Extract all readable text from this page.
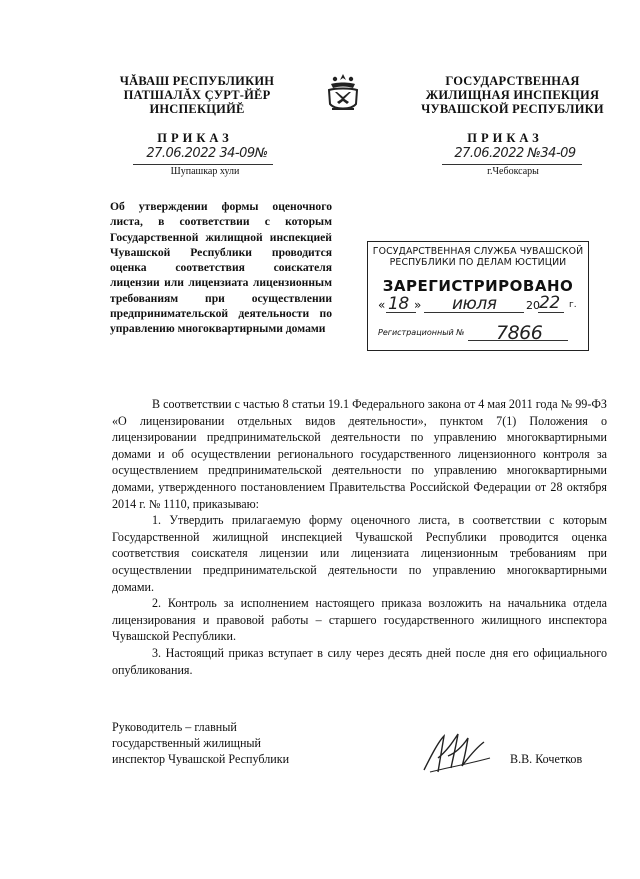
ЧĂВАШ РЕСПУБЛИКИН
ПАТШАЛĂХ ÇУРТ-ЙĔР
ИНСПЕКЦИЙĔ
ГОСУДАРСТВЕННАЯ
ЖИЛИЩНАЯ ИНСПЕКЦИЯ
ЧУВАШСКОЙ РЕСПУБЛИКИ
ПРИКАЗ	ПРИКАЗ
27.06.2022 34-09№	27.06.2022 №34-09
Шупашкар хули	г.Чебоксары
Об утверждении формы оценочного листа, в соответствии с которым Государственной жилищной инспекцией Чувашской Республики проводится оценка соответствия соискателя лицензии или лицензиата лицензионным требованиям при осуществлении предпринимательской деятельности по управлению многоквартирными домами
ГОСУДАРСТВЕННАЯ СЛУЖБА ЧУВАШСКОЙ
РЕСПУБЛИКИ ПО ДЕЛАМ ЮСТИЦИИ
ЗАРЕГИСТРИРОВАНО
« 18 » июля	20 22 г.
Регистрационный № 7866

В соответствии с частью 8 статьи 19.1 Федерального закона от 4 мая 2011 года № 99-ФЗ «О лицензировании отдельных видов деятельности», пунктом 7(1) Положения о лицензировании предпринимательской деятельности по управлению многоквартирными домами и об осуществлении регионального государственного лицензионного контроля за осуществлением предпринимательской деятельности по управлению многоквартирными домами, утвержденного постановлением Правительства Российской Федерации от 28 октября 2014 г. № 1110, приказываю:

1. Утвердить прилагаемую форму оценочного листа, в соответствии с которым Государственной жилищной инспекцией Чувашской Республики проводится оценка соответствия соискателя лицензии или лицензиата лицензионным требованиям при осуществлении предпринимательской деятельности по управлению многоквартирными домами.

2. Контроль за исполнением настоящего приказа возложить на начальника отдела лицензирования и правовой работы – старшего государственного жилищного инспектора Чувашской Республики.

3. Настоящий приказ вступает в силу через десять дней после дня его официального опубликования.

Руководитель – главный
государственный жилищный
инспектор Чувашской Республики	В.В. Кочетков
